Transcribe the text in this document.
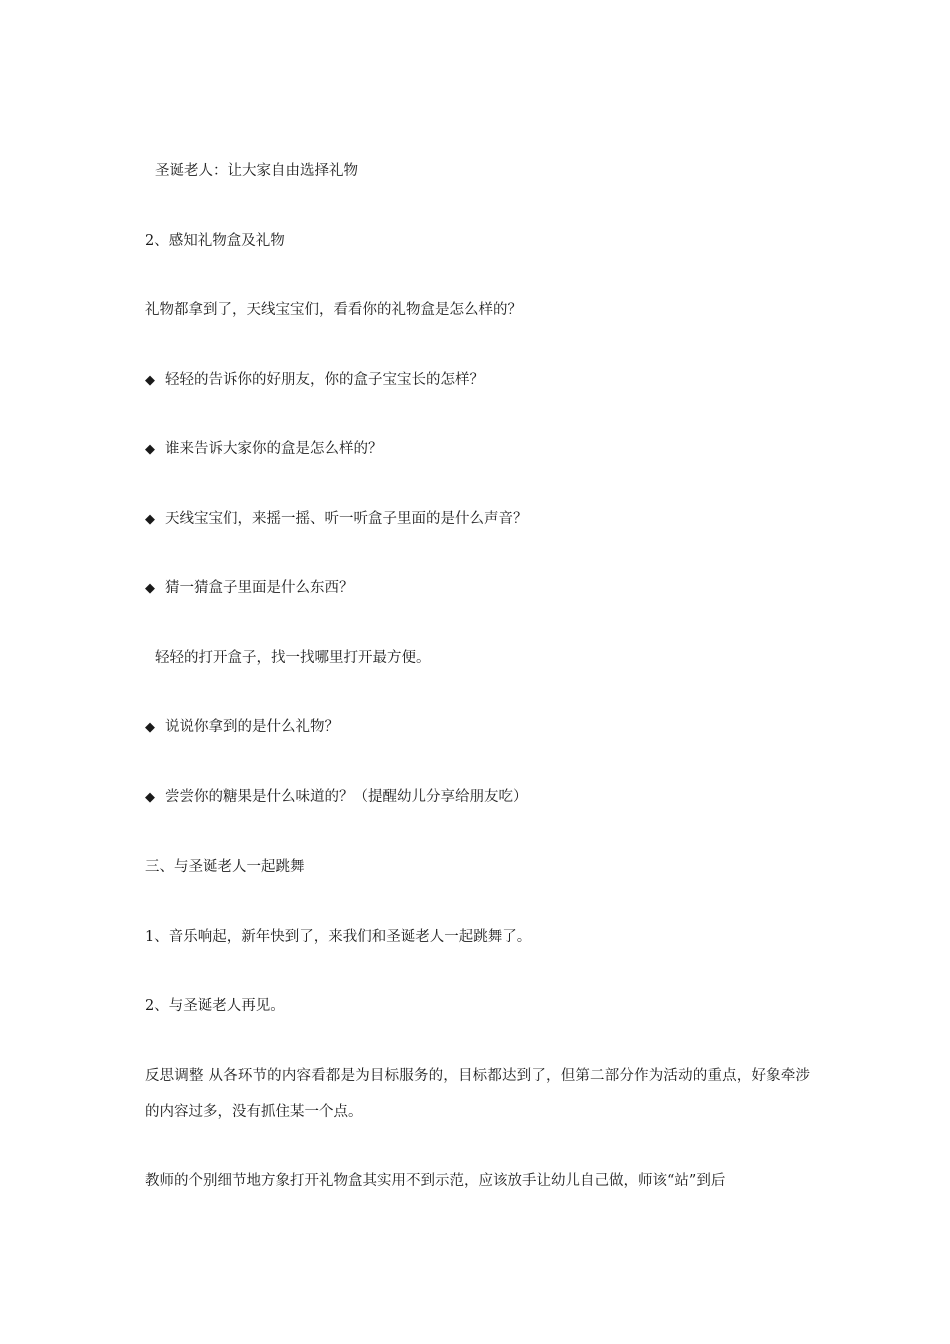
圣诞老人：让大家自由选择礼物
2、感知礼物盒及礼物
礼物都拿到了，天线宝宝们，看看你的礼物盒是怎么样的？
◆ 轻轻的告诉你的好朋友，你的盒子宝宝长的怎样？
◆ 谁来告诉大家你的盒是怎么样的？
◆ 天线宝宝们，来摇一摇、听一听盒子里面的是什么声音？
◆ 猜一猜盒子里面是什么东西？
轻轻的打开盒子，找一找哪里打开最方便。
◆ 说说你拿到的是什么礼物？
◆ 尝尝你的糖果是什么味道的？（提醒幼儿分享给朋友吃）
三、与圣诞老人一起跳舞
1、音乐响起，新年快到了，来我们和圣诞老人一起跳舞了。
2、与圣诞老人再见。
反思调整 从各环节的内容看都是为目标服务的，目标都达到了，但第二部分作为活动的重点，好象牵涉的内容过多，没有抓住某一个点。
教师的个别细节地方象打开礼物盒其实用不到示范，应该放手让幼儿自己做，师该“站”到后
